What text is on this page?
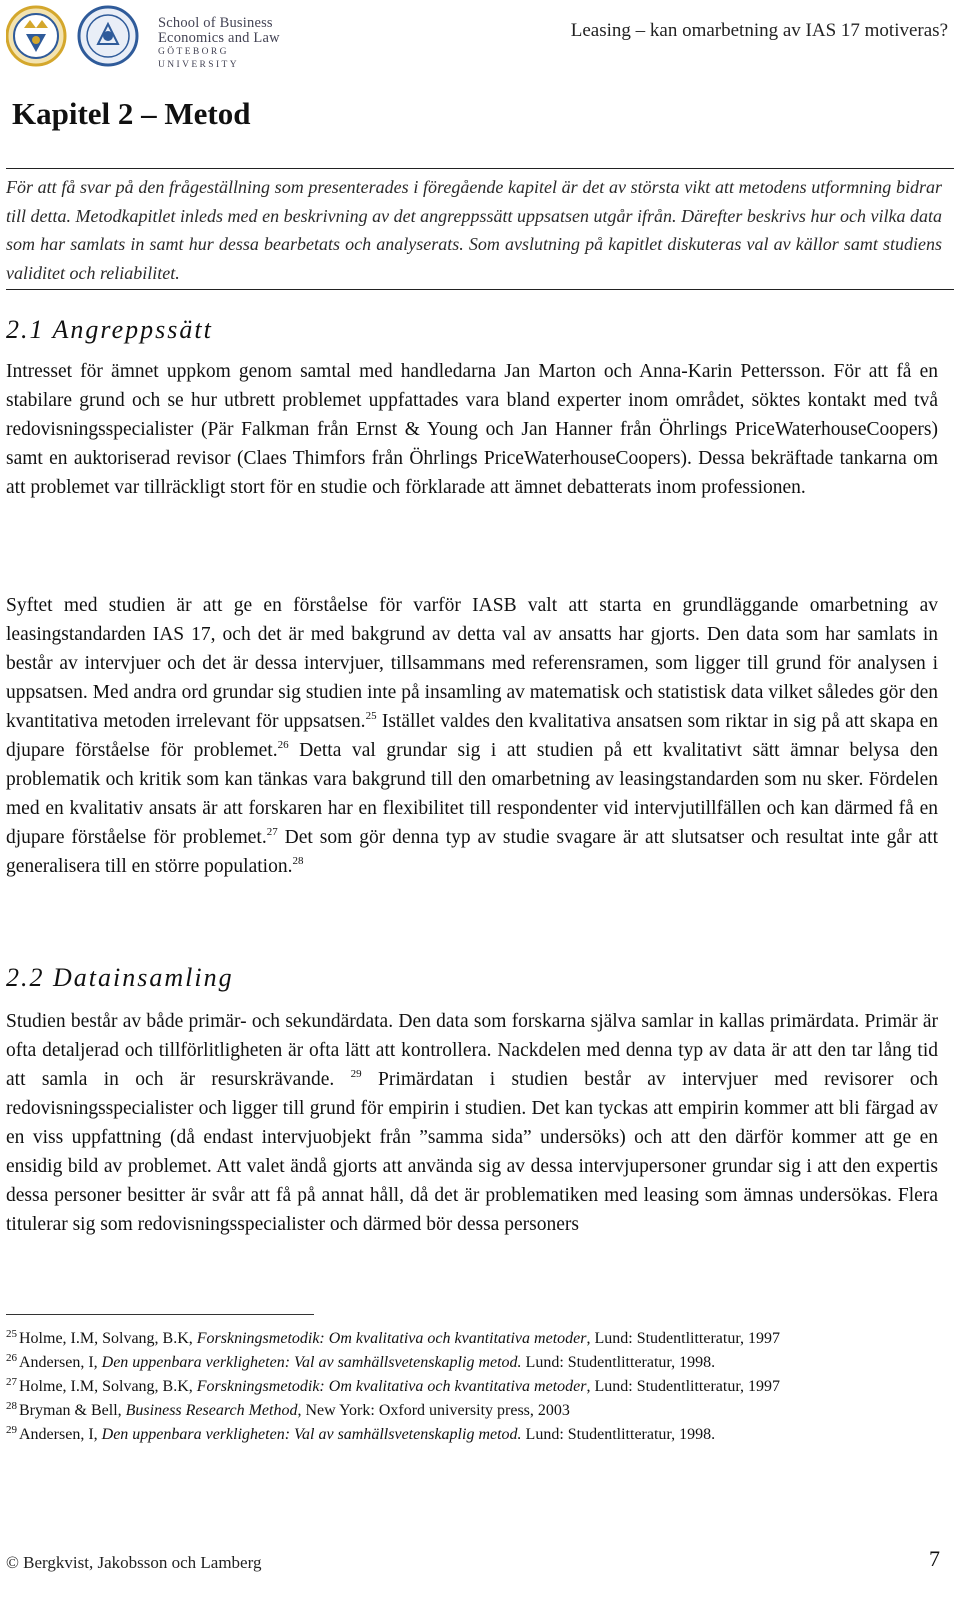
School of Business
Economics and Law
GÖTEBORG UNIVERSITY
Leasing – kan omarbetning av IAS 17 motiveras?
Kapitel 2 – Metod

För att få svar på den frågeställning som presenterades i föregående kapitel är det av största vikt att metodens utformning bidrar till detta. Metodkapitlet inleds med en beskrivning av det angreppssätt uppsatsen utgår ifrån. Därefter beskrivs hur och vilka data som har samlats in samt hur dessa bearbetats och analyserats. Som avslutning på kapitlet diskuteras val av källor samt studiens validitet och reliabilitet.

2.1 Angreppssätt

Intresset för ämnet uppkom genom samtal med handledarna Jan Marton och Anna-Karin Pettersson. För att få en stabilare grund och se hur utbrett problemet uppfattades vara bland experter inom området, söktes kontakt med två redovisningsspecialister (Pär Falkman från Ernst & Young och Jan Hanner från Öhrlings PriceWaterhouseCoopers) samt en auktoriserad revisor (Claes Thimfors från Öhrlings PriceWaterhouseCoopers). Dessa bekräftade tankarna om att problemet var tillräckligt stort för en studie och förklarade att ämnet debatterats inom professionen.

Syftet med studien är att ge en förståelse för varför IASB valt att starta en grundläggande omarbetning av leasingstandarden IAS 17, och det är med bakgrund av detta val av ansatts har gjorts. Den data som har samlats in består av intervjuer och det är dessa intervjuer, tillsammans med referensramen, som ligger till grund för analysen i uppsatsen. Med andra ord grundar sig studien inte på insamling av matematisk och statistisk data vilket således gör den kvantitativa metoden irrelevant för uppsatsen.$^{25}$ Istället valdes den kvalitativa ansatsen som riktar in sig på att skapa en djupare förståelse för problemet.$^{26}$ Detta val grundar sig i att studien på ett kvalitativt sätt ämnar belysa den problematik och kritik som kan tänkas vara bakgrund till den omarbetning av leasingstandarden som nu sker. Fördelen med en kvalitativ ansats är att forskaren har en flexibilitet till respondenter vid intervjutillfällen och kan därmed få en djupare förståelse för problemet.$^{27}$ Det som gör denna typ av studie svagare är att slutsatser och resultat inte går att generalisera till en större population.$^{28}$

2.2 Datainsamling

Studien består av både primär- och sekundärdata. Den data som forskarna själva samlar in kallas primärdata. Primär är ofta detaljerad och tillförlitligheten är ofta lätt att kontrollera. Nackdelen med denna typ av data är att den tar lång tid att samla in och är resurskrävande. $^{29}$ Primärdatan i studien består av intervjuer med revisorer och redovisningsspecialister och ligger till grund för empirin i studien. Det kan tyckas att empirin kommer att bli färgad av en viss uppfattning (då endast intervjuobjekt från ”samma sida” undersöks) och att den därför kommer att ge en ensidig bild av problemet. Att valet ändå gjorts att använda sig av dessa intervjupersoner grundar sig i att den expertis dessa personer besitter är svår att få på annat håll, då det är problematiken med leasing som ämnas undersökas. Flera titulerar sig som redovisningsspecialister och därmed bör dessa personers

$^{25}$ Holme, I.M, Solvang, B.K, Forskningsmetodik: Om kvalitativa och kvantitativa metoder, Lund: Studentlitteratur, 1997
$^{26}$ Andersen, I, Den uppenbara verkligheten: Val av samhällsvetenskaplig metod. Lund: Studentlitteratur, 1998.
$^{27}$ Holme, I.M, Solvang, B.K, Forskningsmetodik: Om kvalitativa och kvantitativa metoder, Lund: Studentlitteratur, 1997
$^{28}$ Bryman & Bell, Business Research Method, New York: Oxford university press, 2003
$^{29}$ Andersen, I, Den uppenbara verkligheten: Val av samhällsvetenskaplig metod. Lund: Studentlitteratur, 1998.
© Bergkvist, Jakobsson och Lamberg	7
